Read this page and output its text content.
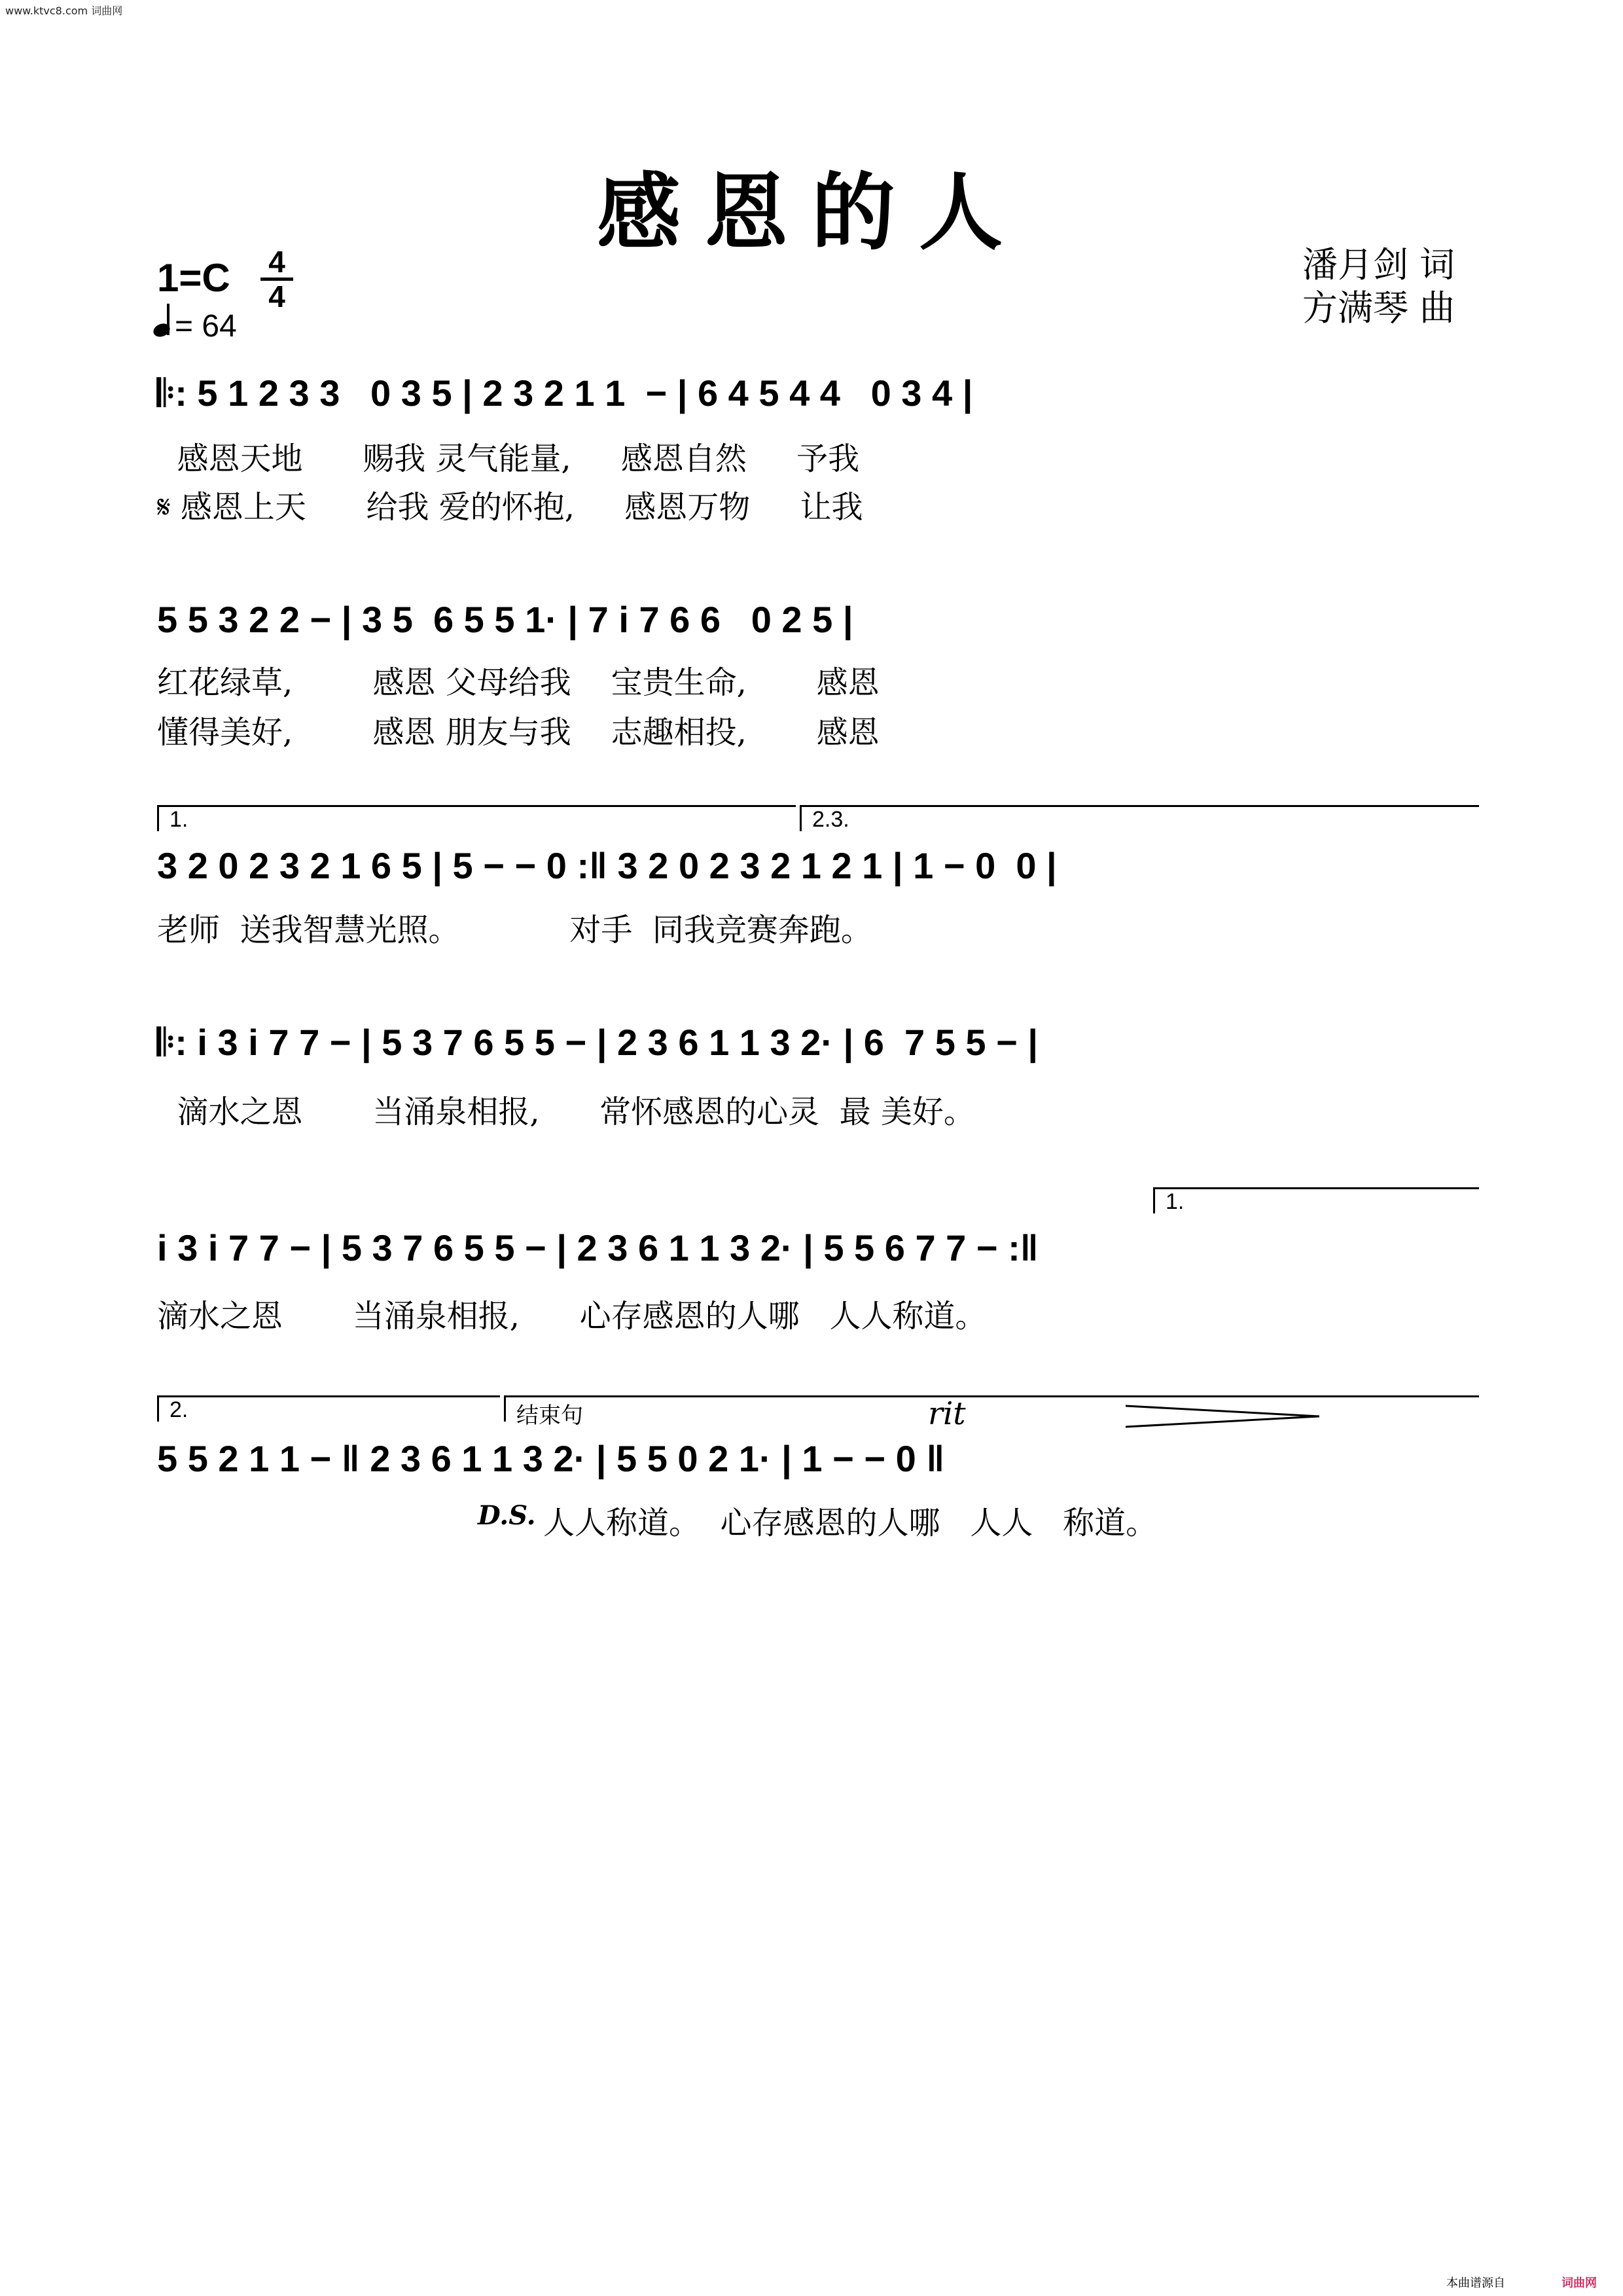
www.ktvc8.com 词曲网
感恩的人
潘月剑 词
方满琴 曲
1=C 4
4
= 64
𝄆: 5 1 2 3 3   0 3 5 | 2 3 2 1 1  − | 6 4 5 4 4   0 3 4 |
感恩天地      赐我 灵气能量,     感恩自然     予我
𝄋 感恩上天      给我 爱的怀抱,     感恩万物     让我
5 5 3 2 2 − | 3 5  6 5 5 1· | 7 i 7 6 6   0 2 5 |
红花绿草,        感恩 父母给我    宝贵生命,       感恩
懂得美好,        感恩 朋友与我    志趣相投,       感恩
1.	2.3.
3 2 0 2 3 2 1 6 5 | 5 − − 0 :‖ 3 2 0 2 3 2 1 2 1 | 1 − 0  0 |
老师  送我智慧光照。           对手  同我竞赛奔跑。
𝄆: i 3 i 7 7 − | 5 3 7 6 5 5 − | 2 3 6 1 1 3 2· | 6  7 5 5 − |
滴水之恩       当涌泉相报,      常怀感恩的心灵  最 美好。
1.
i 3 i 7 7 − | 5 3 7 6 5 5 − | 2 3 6 1 1 3 2· | 5 5 6 7 7 − :‖
滴水之恩       当涌泉相报,      心存感恩的人哪   人人称道。
2.	结束句	rit
5 5 2 1 1 − ‖ 2 3 6 1 1 3 2· | 5 5 0 2 1· | 1 − − 0 ‖
D.S. 人人称道。  心存感恩的人哪   人人   称道。
本曲谱源自	词曲网
